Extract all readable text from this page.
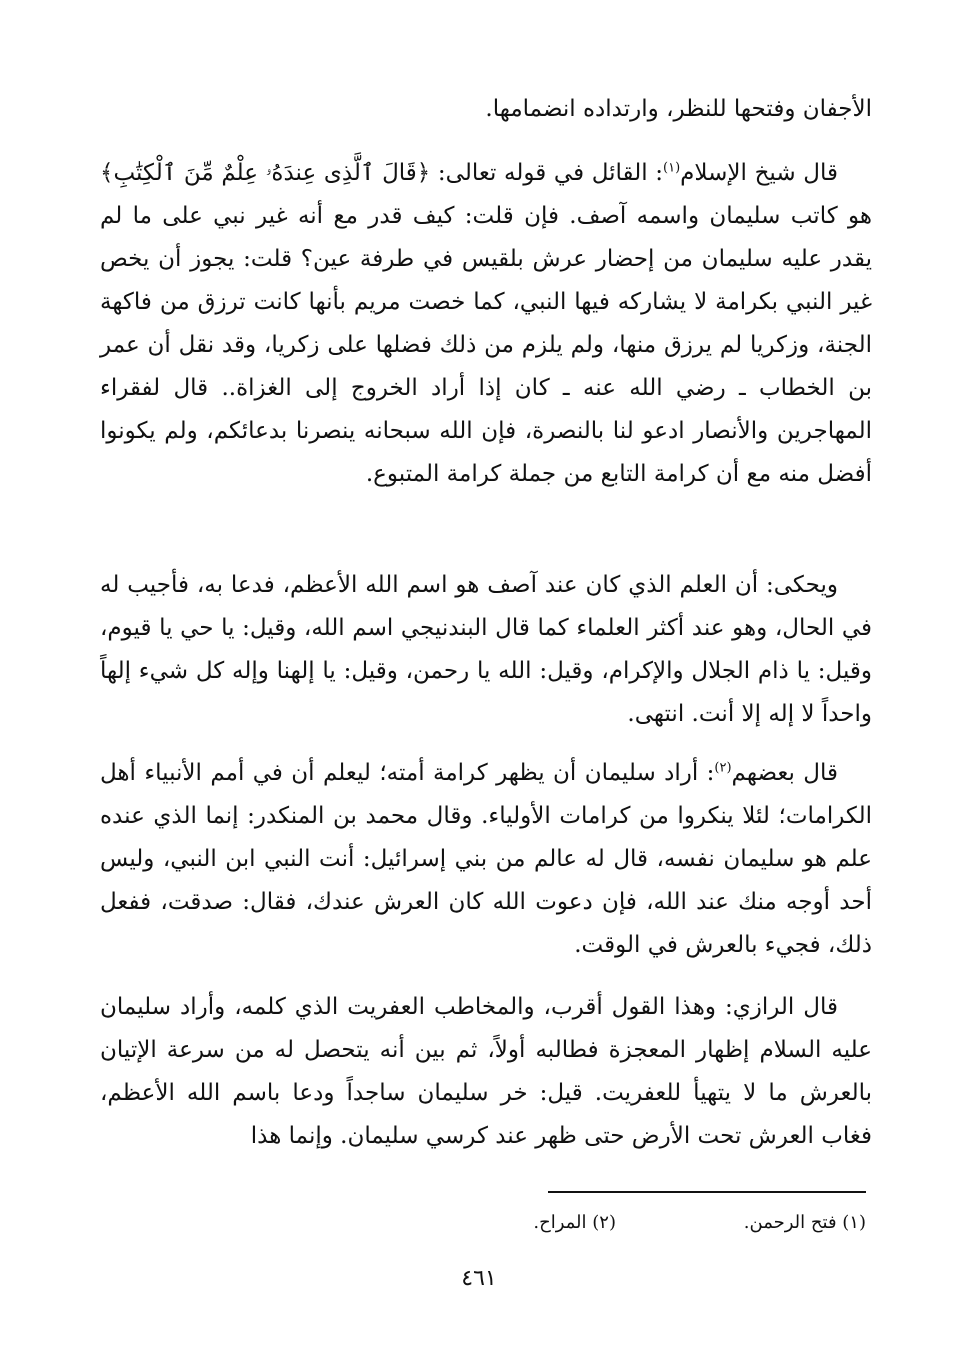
الأجفان وفتحها للنظر، وارتداده انضمامها.

قال شيخ الإسلام$^{(١)}$: القائل في قوله تعالى: ﴿قَالَ ٱلَّذِى عِندَهُۥ عِلْمٌ مِّنَ ٱلْكِتَٰبِ﴾ هو كاتب سليمان واسمه آصف. فإن قلت: كيف قدر مع أنه غير نبي على ما لم يقدر عليه سليمان من إحضار عرش بلقيس في طرفة عين؟ قلت: يجوز أن يخص غير النبي بكرامة لا يشاركه فيها النبي، كما خصت مريم بأنها كانت ترزق من فاكهة الجنة، وزكريا لم يرزق منها، ولم يلزم من ذلك فضلها على زكريا، وقد نقل أن عمر بن الخطاب ـ رضي الله عنه ـ كان إذا أراد الخروج إلى الغزاة.. قال لفقراء المهاجرين والأنصار ادعو لنا بالنصرة، فإن الله سبحانه ينصرنا بدعائكم، ولم يكونوا أفضل منه مع أن كرامة التابع من جملة كرامة المتبوع.

ويحكى: أن العلم الذي كان عند آصف هو اسم الله الأعظم، فدعا به، فأجيب له في الحال، وهو عند أكثر العلماء كما قال البندنيجي اسم الله، وقيل: يا حي يا قيوم، وقيل: يا ذام الجلال والإكرام، وقيل: الله يا رحمن، وقيل: يا إلهنا وإله كل شيء إلهاً واحداً لا إله إلا أنت. انتهى.

قال بعضهم$^{(٢)}$: أراد سليمان أن يظهر كرامة أمته؛ ليعلم أن في أمم الأنبياء أهل الكرامات؛ لئلا ينكروا من كرامات الأولياء. وقال محمد بن المنكدر: إنما الذي عنده علم هو سليمان نفسه، قال له عالم من بني إسرائيل: أنت النبي ابن النبي، وليس أحد أوجه منك عند الله، فإن دعوت الله كان العرش عندك، فقال: صدقت، ففعل ذلك، فجيء بالعرش في الوقت.

قال الرازي: وهذا القول أقرب، والمخاطب العفريت الذي كلمه، وأراد سليمان عليه السلام إظهار المعجزة فطالبه أولاً، ثم بين أنه يتحصل له من سرعة الإتيان بالعرش ما لا يتهيأ للعفريت. قيل: خر سليمان ساجداً ودعا باسم الله الأعظم، فغاب العرش تحت الأرض حتى ظهر عند كرسي سليمان. وإنما هذا

(١) فتح الرحمن.
(٢) المراح.
٤٦١
